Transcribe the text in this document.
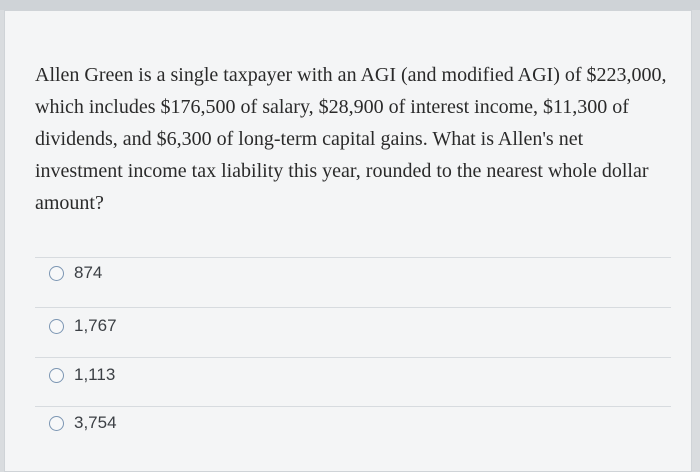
Allen Green is a single taxpayer with an AGI (and modified AGI) of $223,000, which includes $176,500 of salary, $28,900 of interest income, $11,300 of dividends, and $6,300 of long-term capital gains. What is Allen's net investment income tax liability this year, rounded to the nearest whole dollar amount?

874
1,767
1,113
3,754
